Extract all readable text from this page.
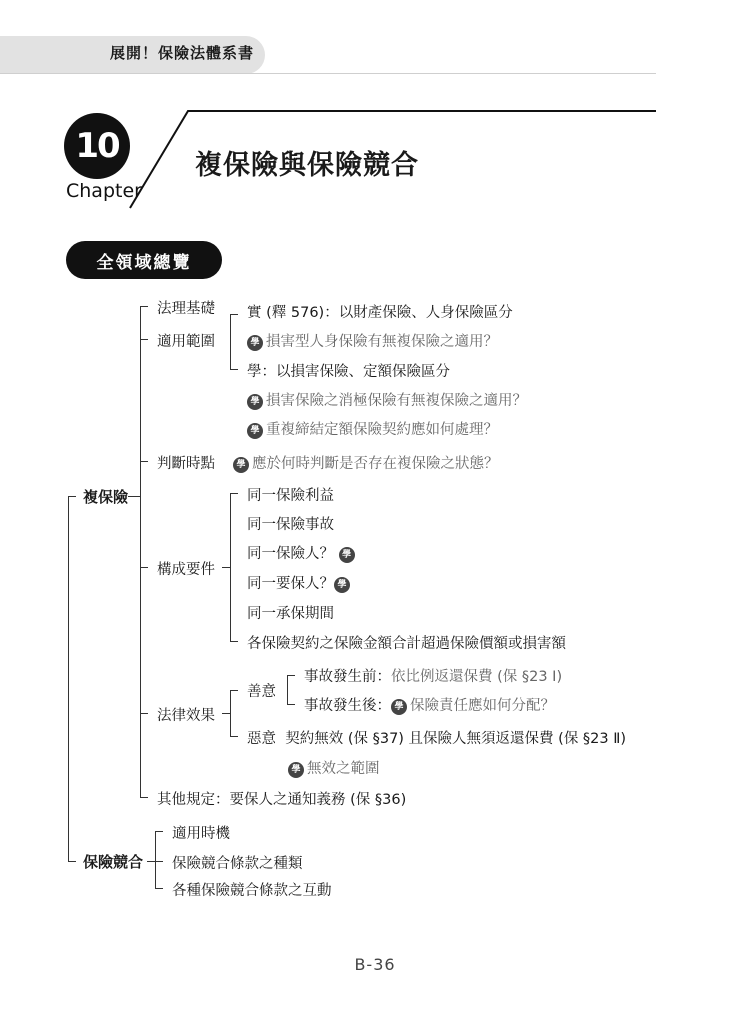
展開！保險法體系書
10
Chapter
複保險與保險競合
全領域總覽
複保險
法理基礎
適用範圍
實 (釋 576)：以財產保險、人身保險區分
學 損害型人身保險有無複保險之適用？
學：以損害保險、定額保險區分
學 損害保險之消極保險有無複保險之適用？
學 重複締結定額保險契約應如何處理？
判斷時點	學 應於何時判斷是否存在複保險之狀態？
構成要件
同一保險利益
同一保險事故
同一保險人？ 學
同一要保人？ 學
同一承保期間
各保險契約之保險金額合計超過保險價額或損害額
法律效果
善意
事故發生前：依比例返還保費 (保 §23 Ⅰ)
事故發生後： 學 保險責任應如何分配？
惡意 契約無效 (保 §37) 且保險人無須返還保費 (保 §23 Ⅱ)
學 無效之範圍
其他規定：要保人之通知義務 (保 §36)
保險競合
適用時機
保險競合條款之種類
各種保險競合條款之互動
B-36
